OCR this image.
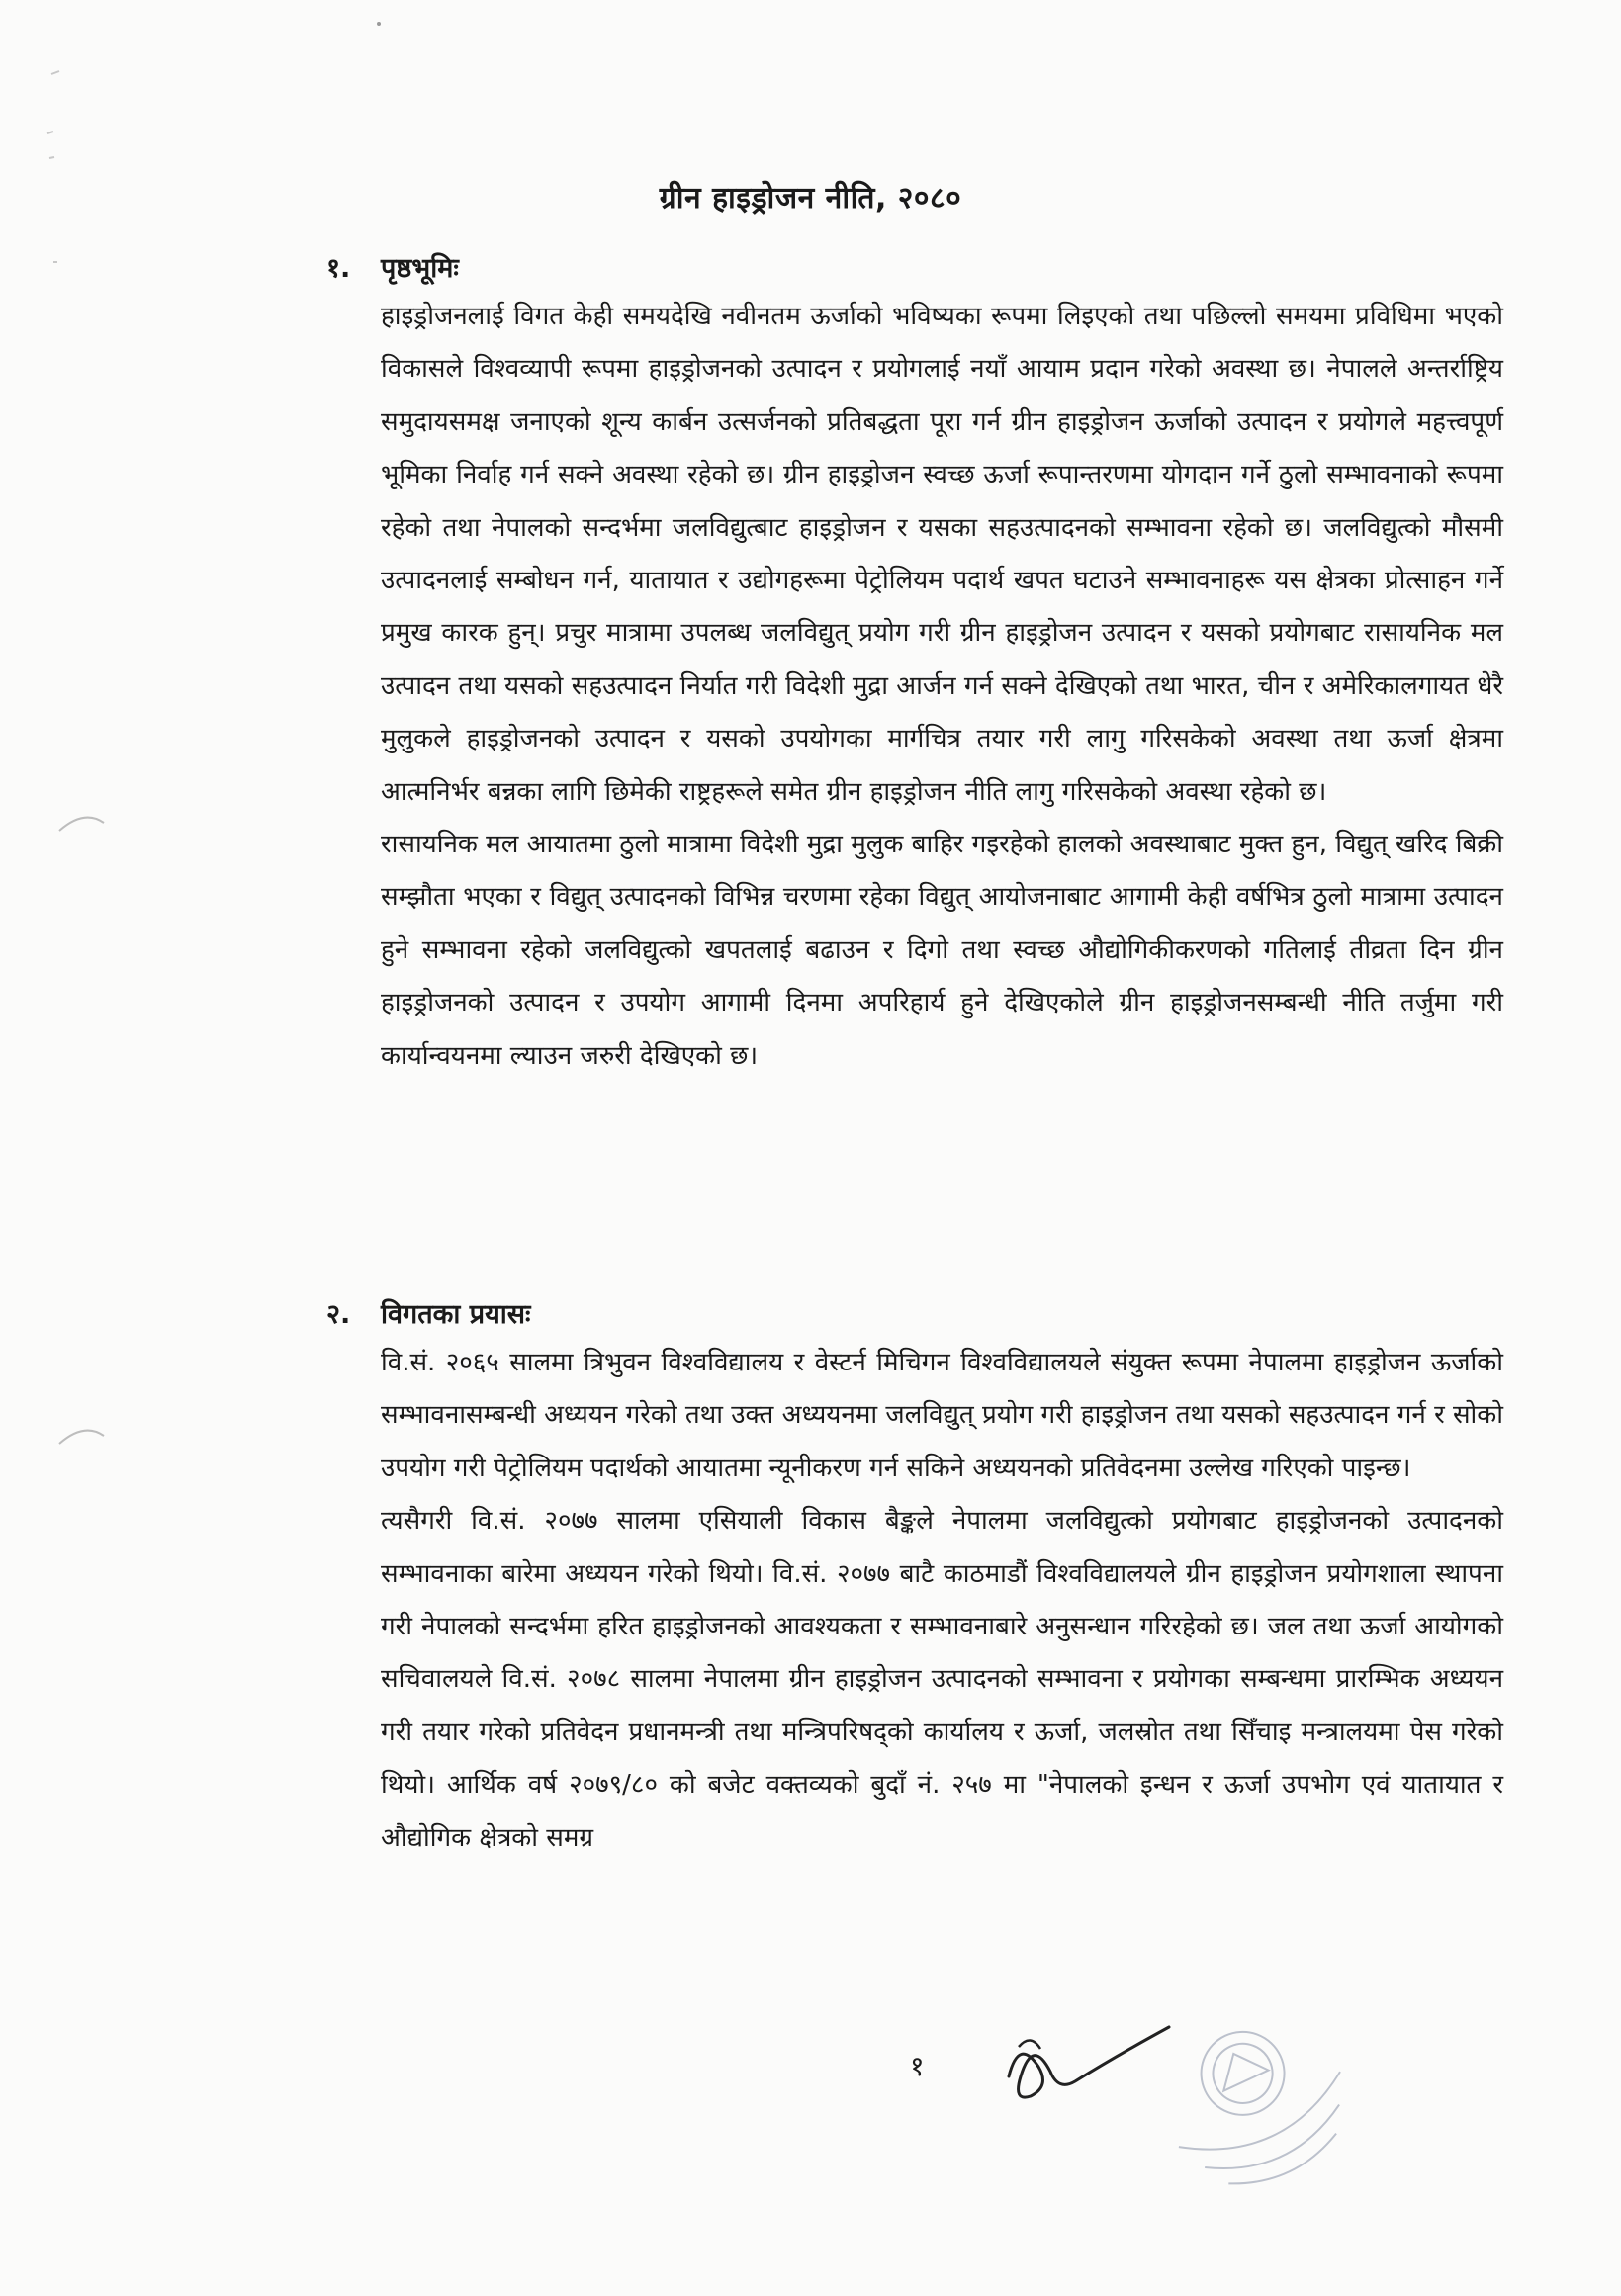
ग्रीन हाइड्रोजन नीति, २०८०
१. पृष्ठभूमिः

हाइड्रोजनलाई विगत केही समयदेखि नवीनतम ऊर्जाको भविष्यका रूपमा लिइएको तथा पछिल्लो समयमा प्रविधिमा भएको विकासले विश्वव्यापी रूपमा हाइड्रोजनको उत्पादन र प्रयोगलाई नयाँ आयाम प्रदान गरेको अवस्था छ। नेपालले अन्तर्राष्ट्रिय समुदायसमक्ष जनाएको शून्य कार्बन उत्सर्जनको प्रतिबद्धता पूरा गर्न ग्रीन हाइड्रोजन ऊर्जाको उत्पादन र प्रयोगले महत्त्वपूर्ण भूमिका निर्वाह गर्न सक्ने अवस्था रहेको छ। ग्रीन हाइड्रोजन स्वच्छ ऊर्जा रूपान्तरणमा योगदान गर्ने ठुलो सम्भावनाको रूपमा रहेको तथा नेपालको सन्दर्भमा जलविद्युत्बाट हाइड्रोजन र यसका सहउत्पादनको सम्भावना रहेको छ। जलविद्युत्को मौसमी उत्पादनलाई सम्बोधन गर्न, यातायात र उद्योगहरूमा पेट्रोलियम पदार्थ खपत घटाउने सम्भावनाहरू यस क्षेत्रका प्रोत्साहन गर्ने प्रमुख कारक हुन्। प्रचुर मात्रामा उपलब्ध जलविद्युत् प्रयोग गरी ग्रीन हाइड्रोजन उत्पादन र यसको प्रयोगबाट रासायनिक मल उत्पादन तथा यसको सहउत्पादन निर्यात गरी विदेशी मुद्रा आर्जन गर्न सक्ने देखिएको तथा भारत, चीन र अमेरिकालगायत धेरै मुलुकले हाइड्रोजनको उत्पादन र यसको उपयोगका मार्गचित्र तयार गरी लागु गरिसकेको अवस्था तथा ऊर्जा क्षेत्रमा आत्मनिर्भर बन्नका लागि छिमेकी राष्ट्रहरूले समेत ग्रीन हाइड्रोजन नीति लागु गरिसकेको अवस्था रहेको छ।

रासायनिक मल आयातमा ठुलो मात्रामा विदेशी मुद्रा मुलुक बाहिर गइरहेको हालको अवस्थाबाट मुक्त हुन, विद्युत् खरिद बिक्री सम्झौता भएका र विद्युत् उत्पादनको विभिन्न चरणमा रहेका विद्युत् आयोजनाबाट आगामी केही वर्षभित्र ठुलो मात्रामा उत्पादन हुने सम्भावना रहेको जलविद्युत्को खपतलाई बढाउन र दिगो तथा स्वच्छ औद्योगिकीकरणको गतिलाई तीव्रता दिन ग्रीन हाइड्रोजनको उत्पादन र उपयोग आगामी दिनमा अपरिहार्य हुने देखिएकोले ग्रीन हाइड्रोजनसम्बन्धी नीति तर्जुमा गरी कार्यान्वयनमा ल्याउन जरुरी देखिएको छ।

२. विगतका प्रयासः

वि.सं. २०६५ सालमा त्रिभुवन विश्वविद्यालय र वेस्टर्न मिचिगन विश्वविद्यालयले संयुक्त रूपमा नेपालमा हाइड्रोजन ऊर्जाको सम्भावनासम्बन्धी अध्ययन गरेको तथा उक्त अध्ययनमा जलविद्युत् प्रयोग गरी हाइड्रोजन तथा यसको सहउत्पादन गर्न र सोको उपयोग गरी पेट्रोलियम पदार्थको आयातमा न्यूनीकरण गर्न सकिने अध्ययनको प्रतिवेदनमा उल्लेख गरिएको पाइन्छ।

त्यसैगरी वि.सं. २०७७ सालमा एसियाली विकास बैङ्कले नेपालमा जलविद्युत्को प्रयोगबाट हाइड्रोजनको उत्पादनको सम्भावनाका बारेमा अध्ययन गरेको थियो। वि.सं. २०७७ बाटै काठमाडौं विश्वविद्यालयले ग्रीन हाइड्रोजन प्रयोगशाला स्थापना गरी नेपालको सन्दर्भमा हरित हाइड्रोजनको आवश्यकता र सम्भावनाबारे अनुसन्धान गरिरहेको छ। जल तथा ऊर्जा आयोगको सचिवालयले वि.सं. २०७८ सालमा नेपालमा ग्रीन हाइड्रोजन उत्पादनको सम्भावना र प्रयोगका सम्बन्धमा प्रारम्भिक अध्ययन गरी तयार गरेको प्रतिवेदन प्रधानमन्त्री तथा मन्त्रिपरिषद्को कार्यालय र ऊर्जा, जलस्रोत तथा सिँचाइ मन्त्रालयमा पेस गरेको थियो। आर्थिक वर्ष २०७९/८० को बजेट वक्तव्यको बुदाँ नं. २५७ मा "नेपालको इन्धन र ऊर्जा उपभोग एवं यातायात र औद्योगिक क्षेत्रको समग्र

१
